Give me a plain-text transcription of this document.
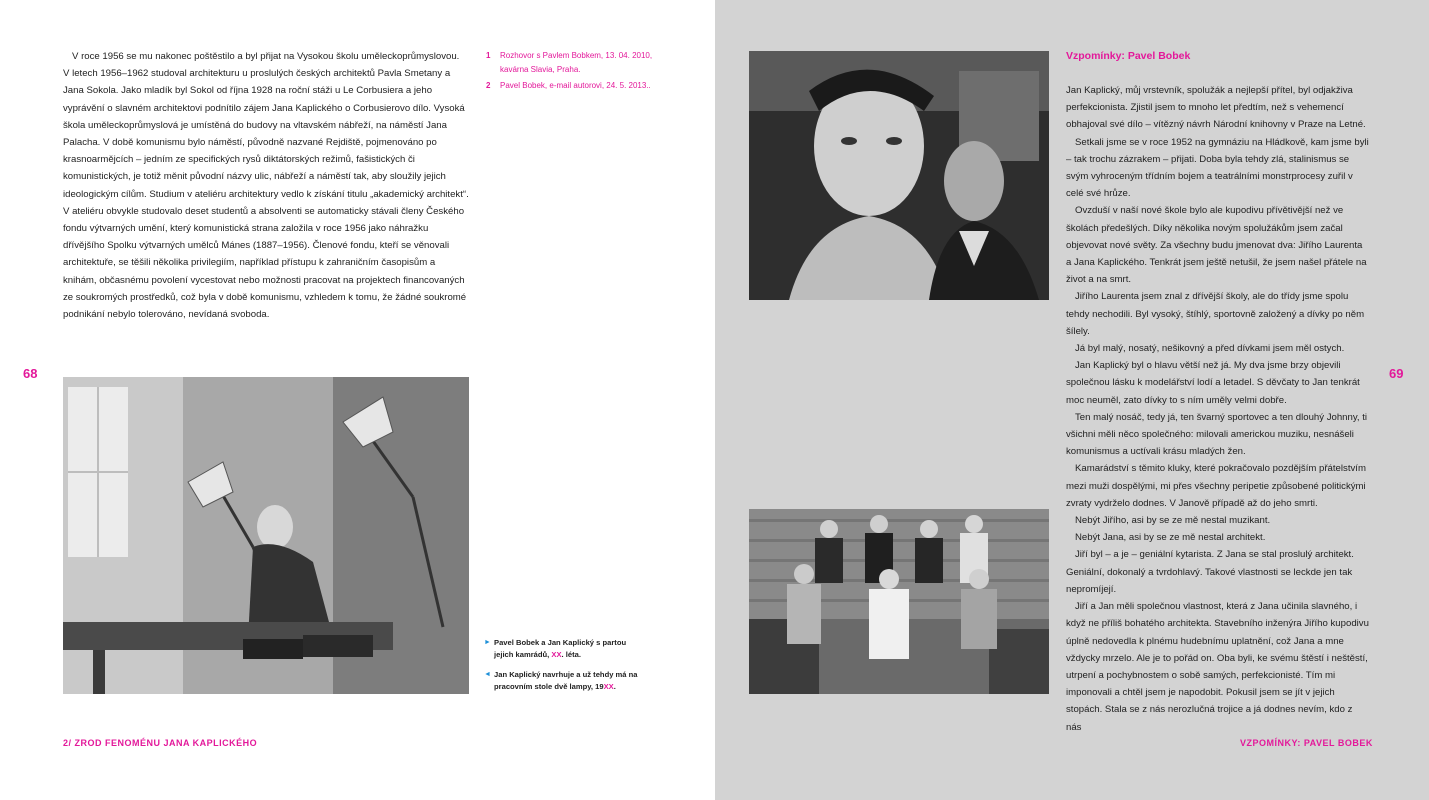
V roce 1956 se mu nakonec poštěstilo a byl přijat na Vysokou školu uměleckoprůmyslovou.

V letech 1956–1962 studoval architekturu u proslulých českých architektů Pavla Smetany a Jana Sokola. Jako mladík byl Sokol od října 1928 na roční stáži u Le Corbusiera a jeho vyprávění o slavném architektovi podnítilo zájem Jana Kaplického o Corbusierovo dílo. Vysoká škola uměleckoprůmyslová je umístěná do budovy na vltavském nábřeží, na náměstí Jana Palacha. V době komunismu bylo náměstí, původně nazvané Rejdiště, pojmenováno po krasnoarmějcích – jedním ze specifických rysů diktátorských režimů, fašistických či komunistických, je totiž měnit původní názvy ulic, nábřeží a náměstí tak, aby sloužily jejich ideologickým cílům. Studium v ateliéru architektury vedlo k získání titulu „akademický architekt“. V ateliéru obvykle studovalo deset studentů a absolventi se automaticky stávali členy Českého fondu výtvarných umění, který komunistická strana založila v roce 1956 jako náhražku dřívějšího Spolku výtvarných umělců Mánes (1887–1956). Členové fondu, kteří se věnovali architektuře, se těšili několika privilegiím, například přístupu k zahraničním časopisům a knihám, občasnému povolení vycestovat nebo možnosti pracovat na projektech financovaných ze soukromých prostředků, což byla v době komunismu, vzhledem k tomu, že žádné soukromé podnikání nebylo tolerováno, nevídaná svoboda.

1	Rozhovor s Pavlem Bobkem, 13. 04. 2010, kavárna Slavia, Praha.
2	Pavel Bobek, e-mail autorovi, 24. 5. 2013..
68
► Pavel Bobek a Jan Kaplický s partou jejich kamrádů, XX. léta.
◄ Jan Kaplický navrhuje a už tehdy má na pracovním stole dvě lampy, 19XX.
2/ ZROD FENOMÉNU JANA KAPLICKÉHO
Vzpomínky: Pavel Bobek

Jan Kaplický, můj vrstevník, spolužák a nejlepší přítel, byl odjakživa perfekcionista. Zjistil jsem to mnoho let předtím, než s vehemencí obhajoval své dílo – vítězný návrh Národní knihovny v Praze na Letné.

Setkali jsme se v roce 1952 na gymnáziu na Hládkově, kam jsme byli – tak trochu zázrakem – přijati. Doba byla tehdy zlá, stalinismus se svým vyhroceným třídním bojem a teatrálními monstrprocesy zuřil v celé své hrůze.

Ovzduší v naší nové škole bylo ale kupodivu přívětivější než ve školách předešlých. Díky několika novým spolužákům jsem začal objevovat nové světy. Za všechny budu jmenovat dva: Jiřího Laurenta a Jana Kaplického. Tenkrát jsem ještě netušil, že jsem našel přátele na život a na smrt.

Jiřího Laurenta jsem znal z dřívější školy, ale do třídy jsme spolu tehdy nechodili. Byl vysoký, štíhlý, sportovně založený a dívky po něm šílely.

Já byl malý, nosatý, nešikovný a před dívkami jsem měl ostych.

Jan Kaplický byl o hlavu větší než já. My dva jsme brzy objevili společnou lásku k modelářství lodí a letadel. S děvčaty to Jan tenkrát moc neuměl, zato dívky to s ním uměly velmi dobře.

Ten malý nosáč, tedy já, ten švarný sportovec a ten dlouhý Johnny, ti všichni měli něco společného: milovali americkou muziku, nesnášeli komunismus a uctívali krásu mladých žen.

Kamarádství s těmito kluky, které pokračovalo pozdějším přátelstvím mezi muži dospělými, mi přes všechny peripetie způsobené politickými zvraty vydrželo dodnes. V Janově případě až do jeho smrti.

Nebýt Jiřího, asi by se ze mě nestal muzikant.

Nebýt Jana, asi by se ze mě nestal architekt.

Jiří byl – a je – geniální kytarista. Z Jana se stal proslulý architekt. Geniální, dokonalý a tvrdohlavý. Takové vlastnosti se leckde jen tak nepromíjejí.

Jiří a Jan měli společnou vlastnost, která z Jana učinila slavného, i když ne příliš bohatého architekta. Stavebního inženýra Jiřího kupodivu úplně nedovedla k plnému hudebnímu uplatnění, což Jana a mne vždycky mrzelo. Ale je to pořád on. Oba byli, ke svému štěstí i neštěstí, utrpení a pochybnostem o sobě samých, perfekcionisté. Tím mi imponovali a chtěl jsem je napodobit. Pokusil jsem se jít v jejich stopách. Stala se z nás nerozlučná trojice a já dodnes nevím, kdo z nás

69
VZPOMÍNKY: PAVEL BOBEK
